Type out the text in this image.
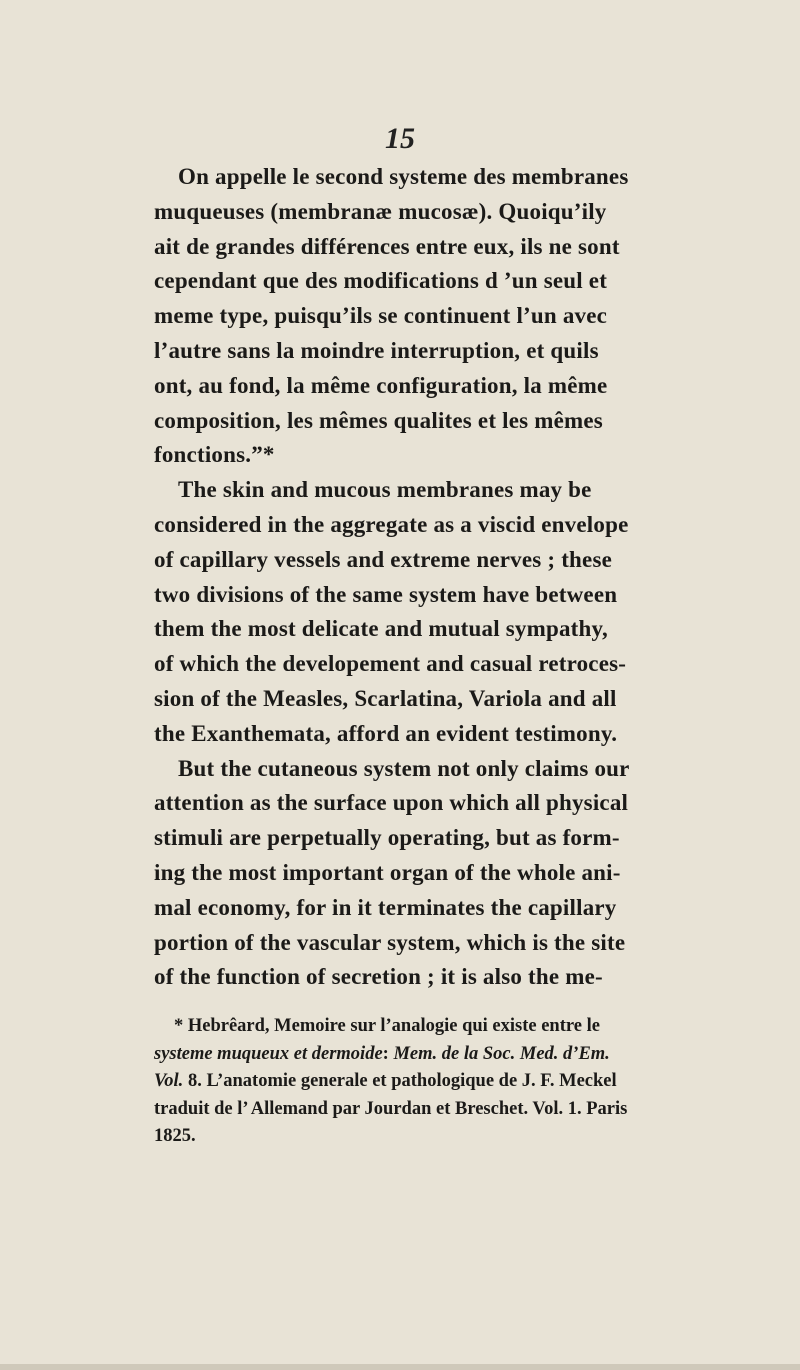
15
On appelle le second systeme des membranes
muqueuses (membranæ mucosæ). Quoiqu’ily
ait de grandes différences entre eux, ils ne sont
cependant que des modifications d ’un seul et
meme type, puisqu’ils se continuent l’un avec
l’autre sans la moindre interruption, et quils
ont, au fond, la même configuration, la même
composition, les mêmes qualites et les mêmes
fonctions.”*
The skin and mucous membranes may be
considered in the aggregate as a viscid envelope
of capillary vessels and extreme nerves ; these
two divisions of the same system have between
them the most delicate and mutual sympathy,
of which the developement and casual retroces-
sion of the Measles, Scarlatina, Variola and all
the Exanthemata, afford an evident testimony.
But the cutaneous system not only claims our
attention as the surface upon which all physical
stimuli are perpetually operating, but as form-
ing the most important organ of the whole ani-
mal economy, for in it terminates the capillary
portion of the vascular system, which is the site
of the function of secretion ; it is also the me-
* Hebrêard, Memoire sur l’analogie qui existe entre le
systeme muqueux et dermoide: Mem. de la Soc. Med. d’Em.
Vol. 8. L’anatomie generale et pathologique de J. F. Meckel
traduit de l’ Allemand par Jourdan et Breschet. Vol. 1. Paris
1825.
